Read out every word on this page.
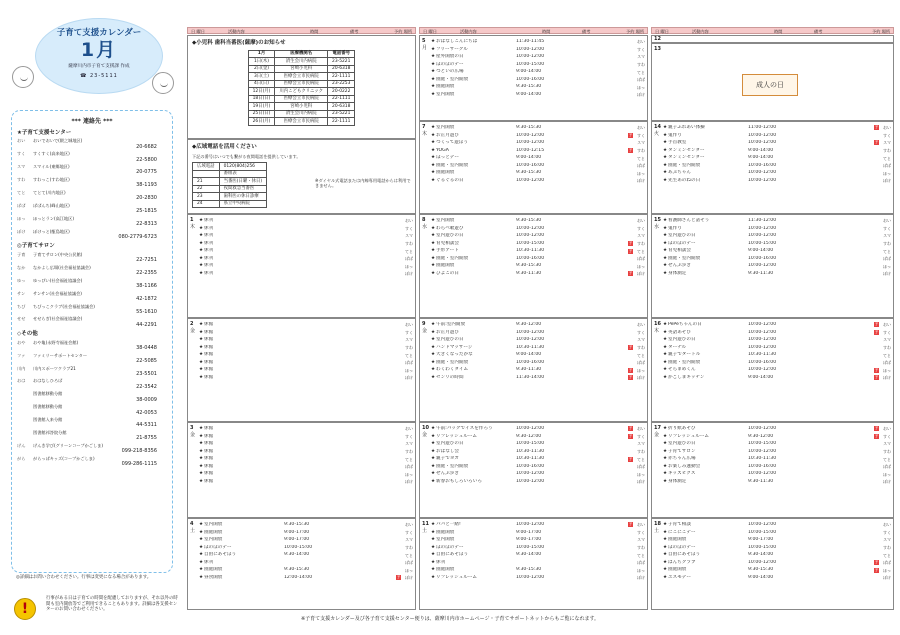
子育て支援カレンダー
1月
薩摩川内市子育て支援課 作成
☎ 23-5111
*** 連絡先 ***
★子育て支援センター
おい	おいでおいで(隈之城地区)
20-6682
すく	すくすく(高来地区)
22-5800
スマ	スマイル(東郷地区)
20-0775
すわ	すわっこ(すわ地区)
38-1193
てと	てとて(川内地区)
20-2830
ぱぱ	ぱぱんち(峰山地区)
25-1815
ほっ	ほっとラン(高江地区)
22-8313
ぽけ	ぽけっと(甑島地区)
080-2779-6723
◎子育てサロン
子育	子育てサロン(中央公民館)
22-7251
なか	なかよし広場(社会福祉協議会)
22-2355
ゆっ	ゆっぴい(社会福祉協議会)
38-1166
サン	サンサン(社会福祉協議会)
42-1872
ちび	ちびっこクラブ(社会福祉協議会)
55-1610
せせ	せせらぎ(社会福祉協議会)
44-2291
◇その他
おや	おや亀(永野寺福祉会館)
38-0448
ファ	ファミリーサポートセンター
22-5085
川内	川内スポーツクラブ21
23-5501
おは	おはなしひろば
22-3542
図書館移動分館
38-0009
図書館移動分館
42-0053
図書館入来分館
44-5311
図書館祁答院分館
21-8755
げん	げんき学び(グリーンコープかごしま)
099-218-8356
がら	がらっぱキッズ(コープかごしま)
099-286-1115
◎詳細はお問い合わせください。行事は変更になる場合があります。
!
行事がある日は子育ての時間を配慮しておりますが、それ以外の時間も室内開放等でご利用できることもあります。詳細は各支援センターのお問い合わせください。
日 曜日	活動内容	時間	備考	予約 場所	日 曜日	活動内容	時間	備考	予約 場所	日 曜日	活動内容	時間	備考	予約 場所
◆小児科 歯科当番医(薩摩)のお知らせ
1月	医療機関名	電話番号
1日(木)	済生会川内病院	23-5221
2日(金)	宮崎小児科	20-6318
3日(土)	医療会立市民病院	22-1111
4日(日)	医療会立市民病院	23-2253
12日(月)	川内こどもクリニック	20-0222
18日(日)	医療会立市民病院	22-1111
19日(月)	宮崎小児科	20-6318
25日(日)	済生会川内病院	23-5221
26日(月)	医療会立市民病院	22-1111
◆広域電話を活用ください
下記の番号はいつでも繋がる夜間電話を提供しています。
広域電話	0120(804)256
	番組表
21	当番医(日曜・休日)
22	夜間救急当番医
23	歯科医の休日診療
24	県立中央病院
※ダイヤル式電話または内線専用電話からは利用できません。
1
木
★ 休刊	おい
★ 休刊	すく
★ 休刊	スマ
★ 休刊	すわ
★ 休刊	てと
★ 休刊	ぱぱ
★ 休刊	ほっ
★ 休刊	ぽけ
2
金
★ 休館	おい
★ 休館	すく
★ 休館	スマ
★ 休館	すわ
★ 休館	てと
★ 休館	ぱぱ
★ 休館	ほっ
★ 休館	ぽけ
3
金
★ 休館	おい
★ 休館	すく
★ 休館	スマ
★ 休館	すわ
★ 休館	てと
★ 休館	ぱぱ
★ 休館	ほっ
★ 休館	ぽけ
4
土
★ 室内開放	9:30-15:30	おい
★ 園庭開放	9:00-17:00	すく
★ 室内開放	9:00-17:00	スマ
★ ほのぼのデー	10:00-15:00	すわ
★ 自由にあそぼう	9:30-14:00	てと
★ 休刊	ぱぱ
★ 園庭開放	9:30-15:30	ほっ
★ 昼食開放	12:00-14:00	予	ぽけ
5
月
★ おはなしこんにちは	11:30-11:45	おい
★ フリーサークル	10:00-12:00	すく
★ 屋外開放の日	10:00-12:00	スマ
★ ほのぼのデー	10:00-15:00	すわ
★ つどいの広場	9:00-14:00	てと
★ 園庭・室内開放	10:00-16:00	ぱぱ
★ 園庭開放	9:30-15:30	ほっ
★ 室内開放	9:00-14:00	ぽけ
7
木
★ 室内開放	9:30-15:30	おい
★ お正月遊び	10:00-12:00	予	すく
★ つくって遊ぼう	10:00-12:00	スマ
★ YOGA	10:00-12:15	予	すわ
★ ほっとデー	9:00-14:00	てと
★ 園庭・室内開放	10:00-16:00	ぱぱ
★ 園庭開放	9:30-15:30	ほっ
★ ぐるぐるの日	10:00-12:00	ぽけ
8
水
★ 室内開放	9:30-15:30	おい
★ わらべ歌遊び	10:00-12:00	すく
★ 室内遊びの日	10:00-12:00	スマ
★ 育児相談会	10:00-15:00	予	すわ
★ 手形アート	10:30-11:30	予	てと
★ 園庭・室内開放	10:00-16:00	ぱぱ
★ 園庭開放	9:30-15:30	ほっ
★ ひよこの日	9:30-11:30	予	ぽけ
9
金
★ 午前:室内開放	9:30-12:00	おい
★ お正月遊び	10:00-12:00	すく
★ 室内遊びの日	10:00-12:00	スマ
★ ハンドマッサージ	10:30-11:30	予	すわ
★ 大きくなったかな	9:00-14:00	てと
★ 園庭・室内開放	10:00-16:00	ぱぱ
★ わくわくタイム	9:30-11:30	予	ほっ
★ センリの時間	11:30-14:00	予	ぽけ
10
金
★ 午前:パックでイスを作ろう	10:00-12:00	予	おい
★ リフレッシュルーム	9:30-12:00	予	すく
★ 室内遊びの日	10:00-15:00	スマ
★ おはなし会	10:30-11:30	すわ
★ 親子でヨガ	10:30-11:30	予	てと
★ 園庭・室内開放	10:00-16:00	ぱぱ
★ ぜんぶ歩き	10:00-12:00	ほっ
★ 新春おもしろいろいろ	10:00-12:00	ぽけ
11
土
★ パパと一緒!	10:00-12:00	予	おい
★ 園庭開放	9:00-17:00	すく
★ 室内開放	9:00-17:00	スマ
★ ほのぼのデー	10:00-15:00	すわ
★ 自由にあそぼう	9:30-14:00	てと
★ 休刊	ぱぱ
★ 園庭開放	9:30-15:30	ほっ
★ リフレッシュルーム	10:00-12:00	ぽけ
12
13
成人の日
14
火
★ 親子ふれあい体操	11:00-12:00	予	おい
★ 鬼作り	10:00-12:00	すく
★ 手首教室	10:00-12:00	予	スマ
★ タンミンセンター	9:00-14:00	すわ
★ タンミンセンター	9:00-14:00	てと
★ 園庭・室内開放	10:00-16:00	ぱぱ
★ あぶちゃん	10:00-12:00	ほっ
★ 先生あのねの日	10:00-12:00	ぽけ
15
水
★ 看護師さんと話そう	11:30-12:00	おい
★ 鬼作り	10:00-12:00	すく
★ 室内遊びの日	10:00-12:00	スマ
★ ほのぼのデー	10:00-15:00	すわ
★ 育児相談会	9:00-14:00	てと
★ 園庭・室内開放	10:00-16:00	ぱぱ
★ ぜんぶ歩き	10:00-12:00	ほっ
★ 身体測定	9:30-11:30	ぽけ
16
木
★ PePeちゃんの日	10:00-12:00	予	おい
★ 英語あそび	10:00-12:00	予	すく
★ 室内遊びの日	10:00-12:00	スマ
★ ターナル	10:00-12:00	すわ
★ 親子でタートル	10:30-11:30	てと
★ 園庭・室内開放	10:00-16:00	ぱぱ
★ そらまめくん	10:00-12:00	予	ほっ
★ かごしまキッチン	9:00-14:00	予	ぽけ
17
金
★ 折り紙あそび	10:00-12:00	予	おい
★ リフレッシュルーム	9:30-12:00	予	すく
★ 室内遊びの日	10:00-15:00	スマ
★ 子育てサロン	10:00-12:00	すわ
★ 赤ちゃん広場	10:30-11:30	てと
★ お楽しみ運動会	10:00-16:00	ぱぱ
★ キッズビクス	10:00-12:00	ほっ
★ 身体測定	9:30-11:30	ぽけ
18
土
★ 子育て相談	10:00-12:00	おい
★ にこにこデー	10:00-15:00	すく
★ 園庭開放	9:00-17:00	スマ
★ ほのぼのデー	10:00-15:00	すわ
★ 自由にあそぼう	9:30-14:00	てと
★ ばんちクラブ	10:00-12:00	予	ぱぱ
★ 園庭開放	9:30-15:30	予	ほっ
★ ユスモデー	9:00-14:00	ぽけ
※子育て支援カレンダー及び各子育て支援センター便りは、薩摩川内市ホームページ・子育てサポートネットからもご覧になれます。
